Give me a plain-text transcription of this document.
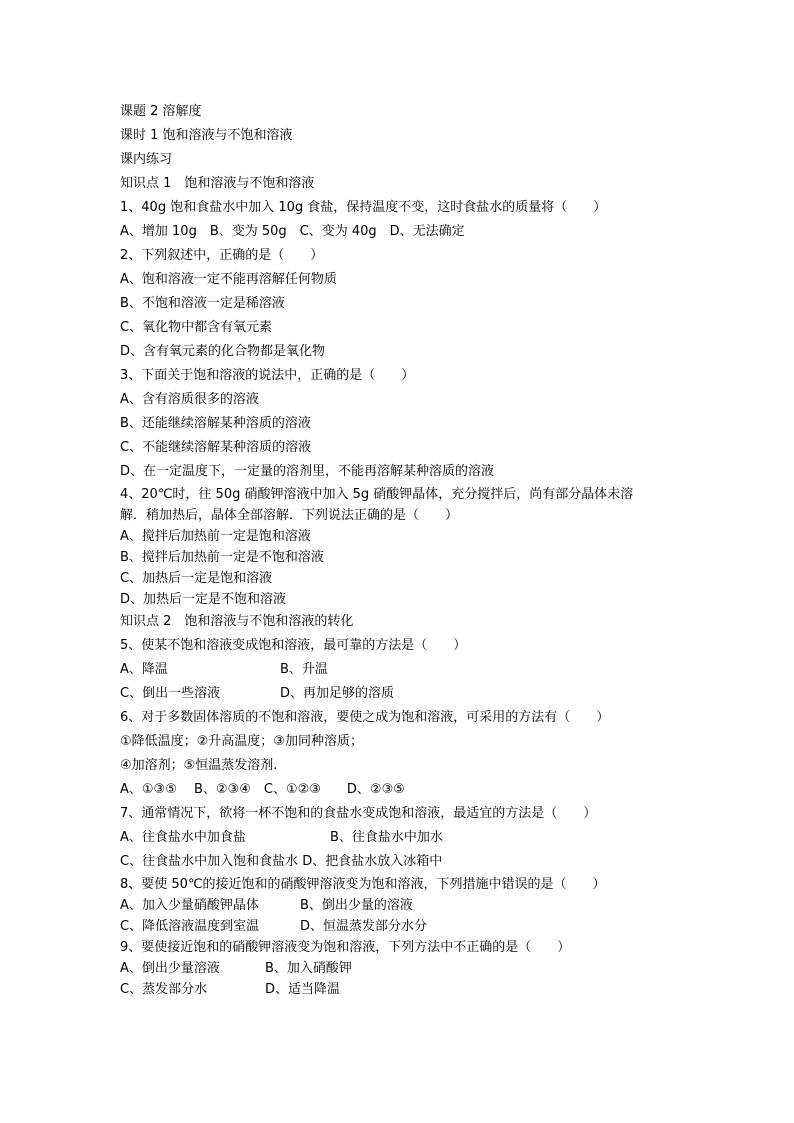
课题 2 溶解度
课时 1 饱和溶液与不饱和溶液
课内练习
知识点 1　饱和溶液与不饱和溶液
1、40g 饱和食盐水中加入 10g 食盐，保持温度不变，这时食盐水的质量将（　　）
A、增加 10g　B、变为 50g　C、变为 40g　D、无法确定
2、下列叙述中，正确的是（　　）
A、饱和溶液一定不能再溶解任何物质
B、不饱和溶液一定是稀溶液
C、氧化物中都含有氧元素
D、含有氧元素的化合物都是氧化物
3、下面关于饱和溶液的说法中，正确的是（　　）
A、含有溶质很多的溶液
B、还能继续溶解某种溶质的溶液
C、不能继续溶解某种溶质的溶液
D、在一定温度下，一定量的溶剂里，不能再溶解某种溶质的溶液
4、20℃时，往 50g 硝酸钾溶液中加入 5g 硝酸钾晶体，充分搅拌后，尚有部分晶体未溶
解．稍加热后，晶体全部溶解．下列说法正确的是（　　）
A、搅拌后加热前一定是饱和溶液
B、搅拌后加热前一定是不饱和溶液
C、加热后一定是饱和溶液
D、加热后一定是不饱和溶液
知识点 2　饱和溶液与不饱和溶液的转化
5、使某不饱和溶液变成饱和溶液，最可靠的方法是（　　）
A、降温	B、升温
C、倒出一些溶液	D、再加足够的溶质
6、对于多数固体溶质的不饱和溶液，要使之成为饱和溶液，可采用的方法有（　　）
①降低温度；②升高温度；③加同种溶质；
④加溶剂；⑤恒温蒸发溶剂.
A、①③⑤　 B、②③④　C、①②③　　D、②③⑤
7、通常情况下，欲将一杯不饱和的食盐水变成饱和溶液，最适宜的方法是（　　）
A、往食盐水中加食盐	B、往食盐水中加水
C、往食盐水中加入饱和食盐水 D、把食盐水放入冰箱中
8、要使 50℃的接近饱和的硝酸钾溶液变为饱和溶液，下列措施中错误的是（　　）
A、加入少量硝酸钾晶体	B、倒出少量的溶液
C、降低溶液温度到室温	D、恒温蒸发部分水分
9、要使接近饱和的硝酸钾溶液变为饱和溶液，下列方法中不正确的是（　　）
A、倒出少量溶液	B、加入硝酸钾
C、蒸发部分水	D、适当降温
